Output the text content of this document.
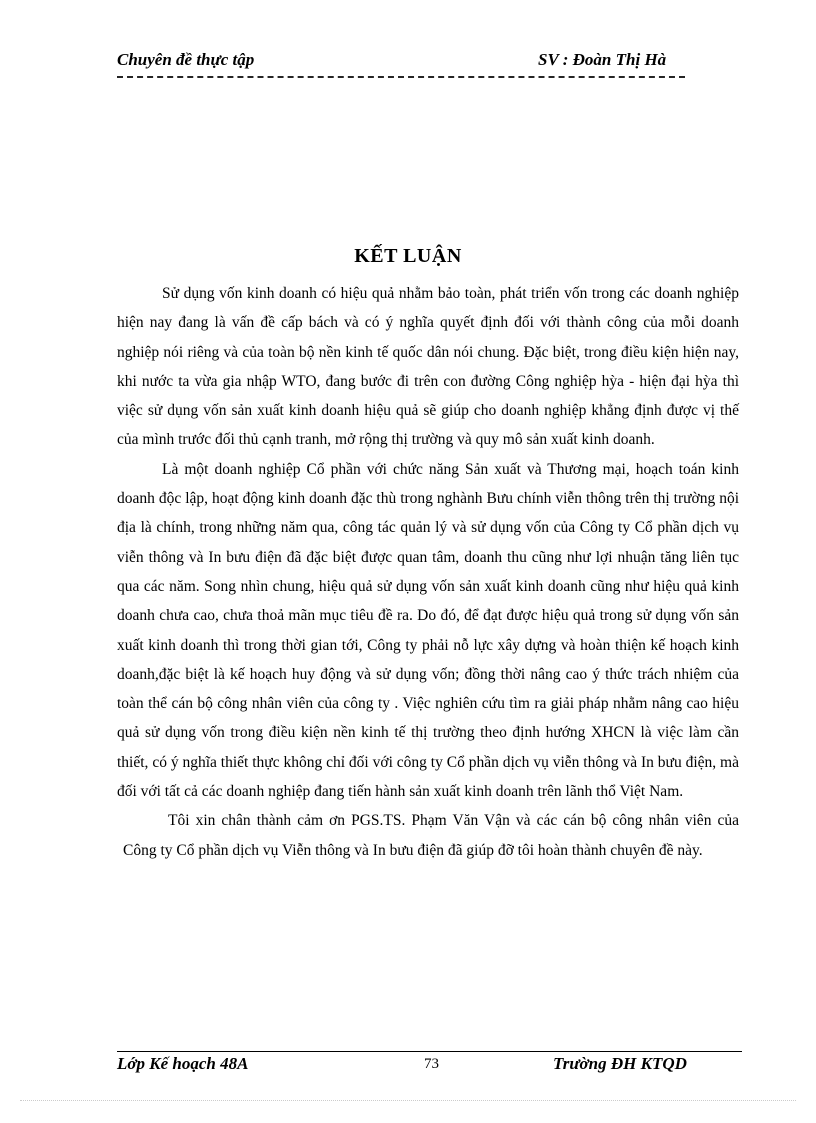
Chuyên đề thực tập	SV : Đoàn Thị Hà
KẾT LUẬN

Sử dụng vốn kinh doanh có hiệu quả nhằm bảo toàn, phát triển vốn trong các doanh nghiệp hiện nay đang là vấn đề cấp bách và có ý nghĩa quyết định đối với thành công của mỗi doanh nghiệp nói riêng và của toàn bộ nền kinh tế quốc dân nói chung. Đặc biệt, trong điều kiện hiện nay, khi nước ta vừa gia nhập WTO, đang bước đi trên con đường Công nghiệp hỳa - hiện đại hỳa thì việc sử dụng vốn sản xuất kinh doanh hiệu quả sẽ giúp cho doanh nghiệp khẳng định được vị thế của mình trước đối thủ cạnh tranh, mở rộng thị trường và quy mô sản xuất kinh doanh.

Là một doanh nghiệp Cổ phần với chức năng Sản xuất và Thương mại, hoạch toán kinh doanh độc lập, hoạt động kinh doanh đặc thù trong nghành Bưu chính viễn thông trên thị trường nội địa là chính, trong những năm qua, công tác quản lý và sử dụng vốn của Công ty Cổ phần dịch vụ viễn thông và In bưu điện đã đặc biệt được quan tâm, doanh thu cũng như lợi nhuận tăng liên tục qua các năm. Song nhìn chung, hiệu quả sử dụng vốn sản xuất kinh doanh cũng như hiệu quả kinh doanh chưa cao, chưa thoả mãn mục tiêu đề ra. Do đó, để đạt được hiệu quả trong sử dụng vốn sản xuất kinh doanh thì trong thời gian tới, Công ty phải nỗ lực xây dựng và hoàn thiện kế hoạch kinh doanh,đặc biệt là kế hoạch huy động và sử dụng vốn; đồng thời nâng cao ý thức trách nhiệm của toàn thể cán bộ công nhân viên của công ty . Việc nghiên cứu tìm ra giải pháp nhằm nâng cao hiệu quả sử dụng vốn trong điều kiện nền kinh tế thị trường theo định hướng XHCN là việc làm cần thiết, có ý nghĩa thiết thực không chỉ đối với công ty Cổ phần dịch vụ viễn thông và In bưu điện, mà đối với tất cả các doanh nghiệp đang tiến hành sản xuất kinh doanh trên lãnh thổ Việt Nam.

Tôi xin chân thành cảm ơn PGS.TS. Phạm Văn Vận và các cán bộ công nhân viên của Công ty Cổ phần dịch vụ Viễn thông và In bưu điện đã giúp đỡ tôi hoàn thành chuyên đề này.

Lớp Kế hoạch 48A	73	Trường ĐH KTQD
